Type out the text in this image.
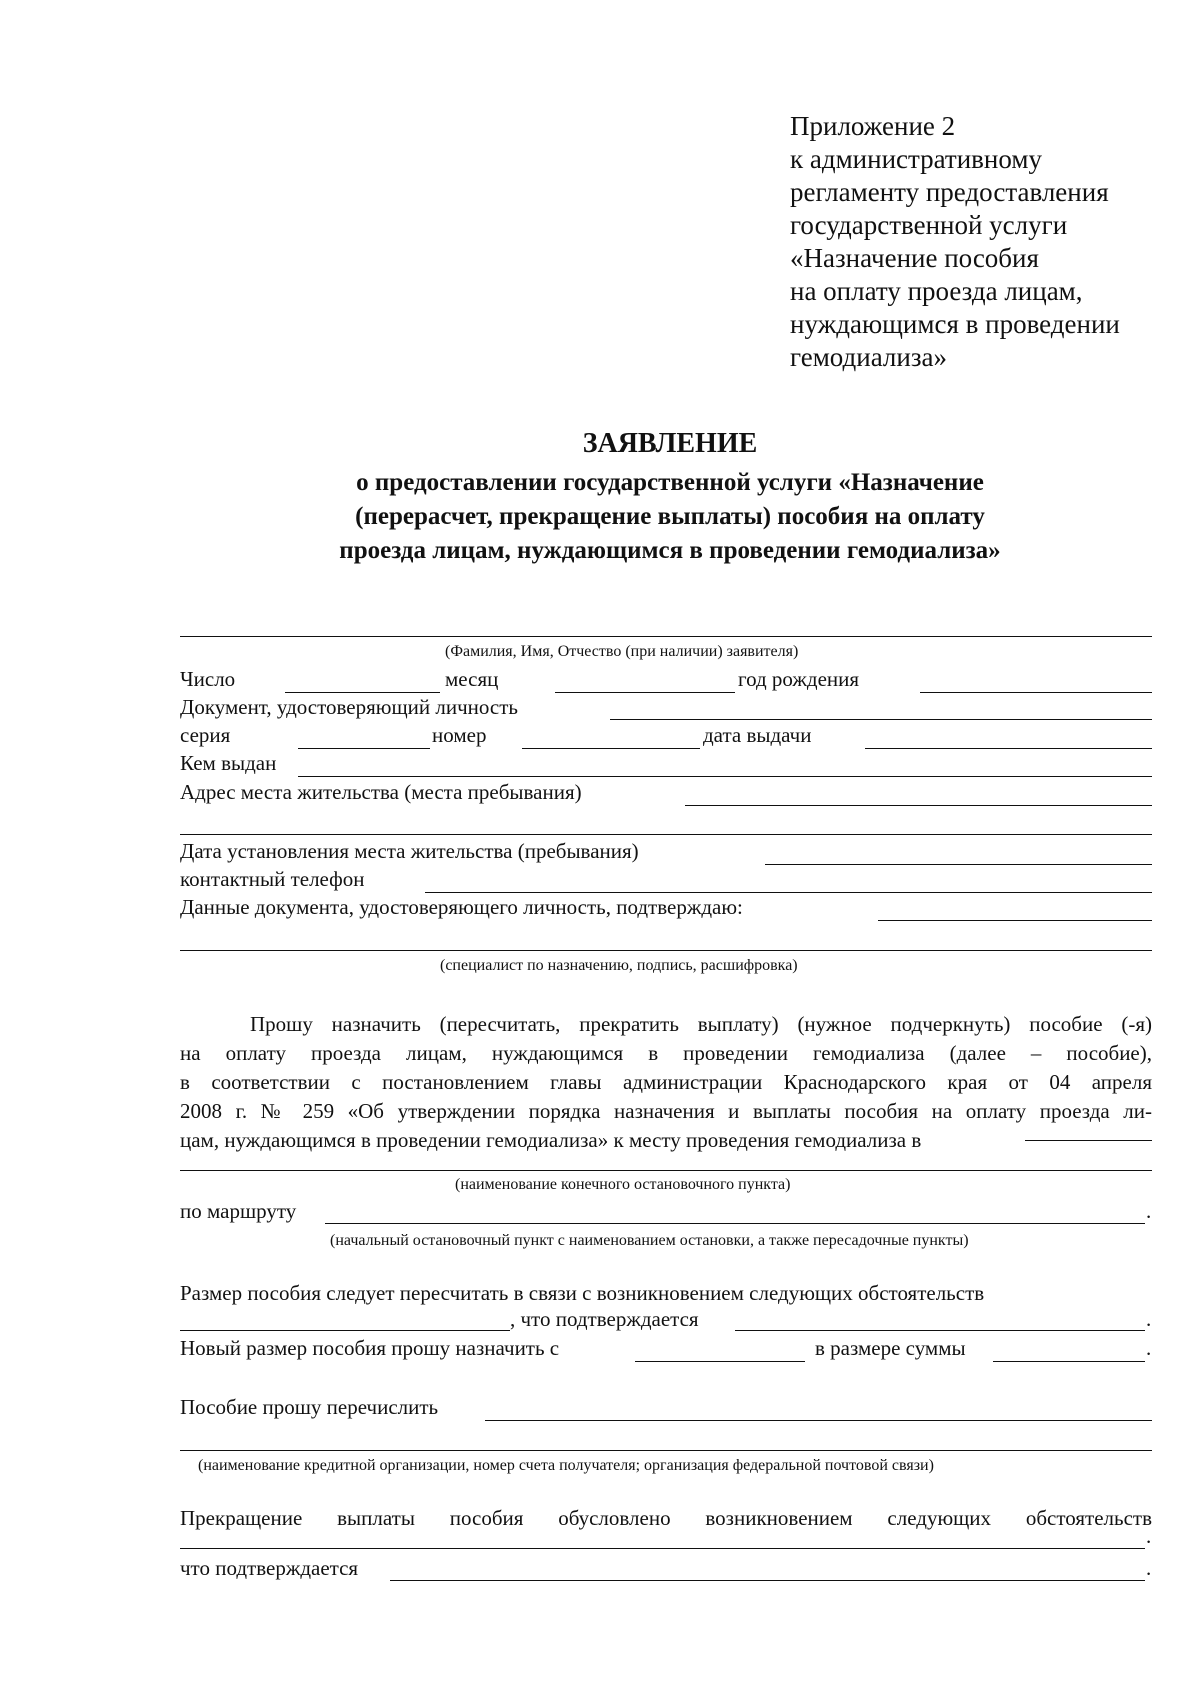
Приложение 2
к административному
регламенту предоставления
государственной услуги
«Назначение пособия
на оплату проезда лицам,
нуждающимся в проведении
гемодиализа»
ЗАЯВЛЕНИЕ
о предоставлении государственной услуги «Назначение
(перерасчет, прекращение выплаты) пособия на оплату
проезда лицам, нуждающимся в проведении гемодиализа»
(Фамилия, Имя, Отчество (при наличии) заявителя)
Число	месяц	год рождения
Документ, удостоверяющий личность
серия	номер	дата выдачи
Кем выдан
Адрес места жительства (места пребывания)
Дата установления места жительства (пребывания)
контактный телефон
Данные документа, удостоверяющего личность, подтверждаю:
(специалист по назначению, подпись, расшифровка)
Прошу назначить (пересчитать, прекратить выплату) (нужное подчеркнуть) пособие (-я)
на оплату проезда лицам, нуждающимся в проведении гемодиализа (далее – пособие),
в соответствии с постановлением главы администрации Краснодарского края от 04 апреля
2008 г. № 259 «Об утверждении порядка назначения и выплаты пособия на оплату проезда ли-
цам, нуждающимся в проведении гемодиализа» к месту проведения гемодиализа в
(наименование конечного остановочного пункта)
по маршруту	.
(начальный остановочный пункт с наименованием остановки, а также пересадочные пункты)
Размер пособия следует пересчитать в связи с возникновением следующих обстоятельств
, что подтверждается	.
Новый размер пособия прошу назначить с	в размере суммы	.
Пособие прошу перечислить
(наименование кредитной организации, номер счета получателя; организация федеральной почтовой связи)
Прекращение выплаты пособия обусловлено возникновением следующих обстоятельств
.
что подтверждается	.
